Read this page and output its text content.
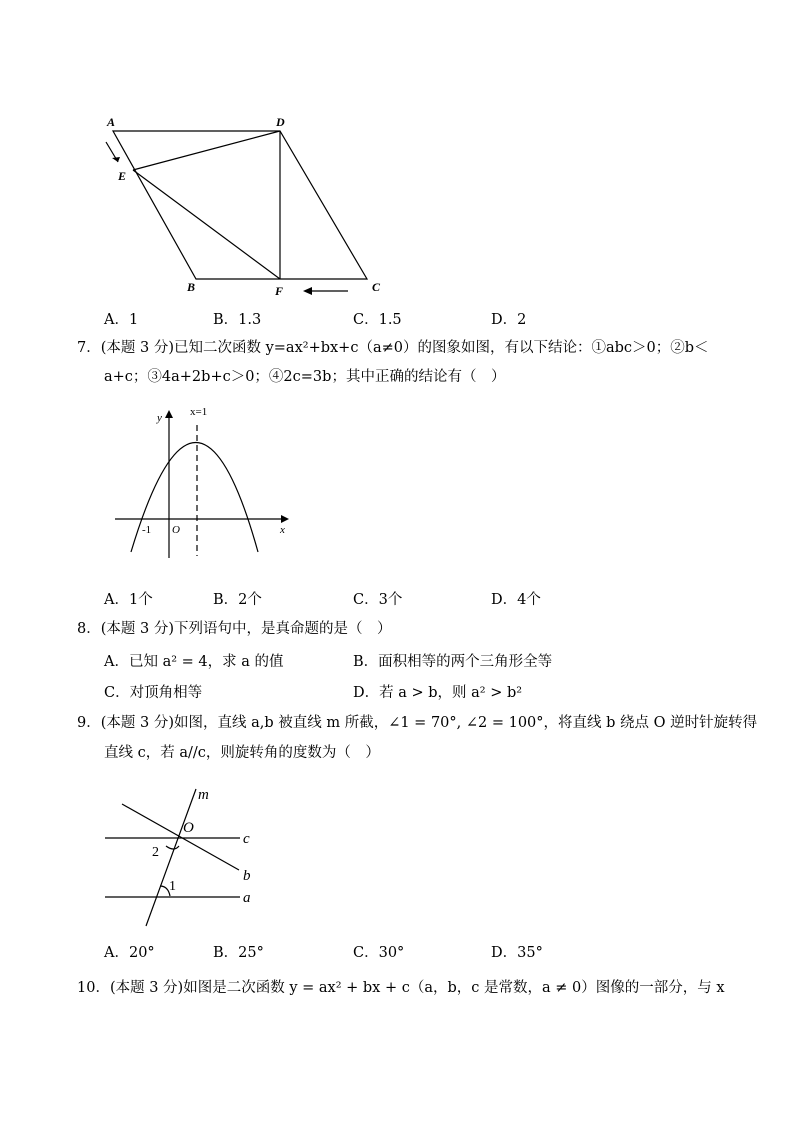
A	D
E
B	F	C
A．1	B．1.3	C．1.5	D．2
7．(本题 3 分)已知二次函数 y=ax²+bx+c（a≠0）的图象如图，有以下结论：①abc＞0；②b＜
a+c；③4a+2b+c＞0；④2c=3b；其中正确的结论有（　）
x=1
y
x
O
-1
A．1个	B．2个	C．3个	D．4个
8．(本题 3 分)下列语句中，是真命题的是（　）
A．已知 a² = 4，求 a 的值	B．面积相等的两个三角形全等
C．对顶角相等	D．若 a > b，则 a² > b²
9．(本题 3 分)如图，直线 a,b 被直线 m 所截，∠1 = 70°, ∠2 = 100°，将直线 b 绕点 O 逆时针旋转得
直线 c，若 a//c，则旋转角的度数为（　）
m
O
c
b
a
2
1
A．20°	B．25°	C．30°	D．35°
10．(本题 3 分)如图是二次函数 y = ax² + bx + c（a，b，c 是常数，a ≠ 0）图像的一部分，与 x
